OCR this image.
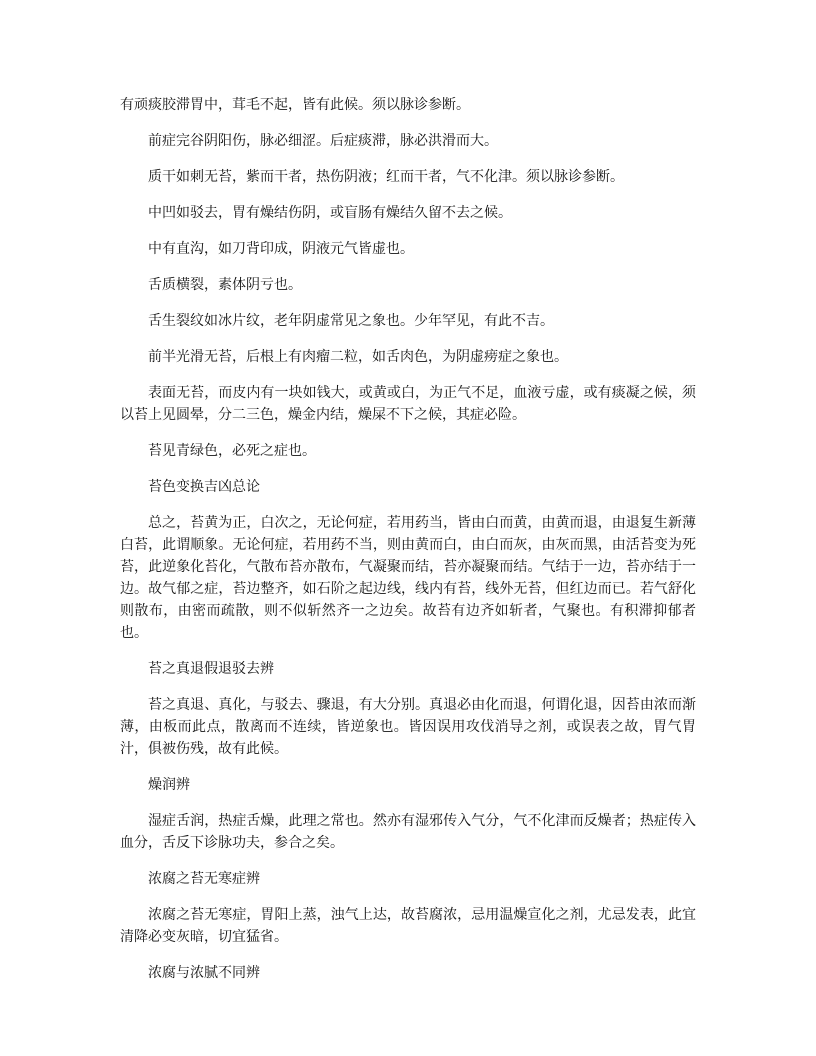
有顽痰胶滞胃中，茸毛不起，皆有此候。须以脉诊参断。

前症完谷阴阳伤，脉必细涩。后症痰滞，脉必洪滑而大。

质干如刺无苔，紫而干者，热伤阴液；红而干者，气不化津。须以脉诊参断。

中凹如驳去，胃有燥结伤阴，或盲肠有燥结久留不去之候。

中有直沟，如刀背印成，阴液元气皆虚也。

舌质横裂，素体阴亏也。

舌生裂纹如冰片纹，老年阴虚常见之象也。少年罕见，有此不吉。

前半光滑无苔，后根上有肉瘤二粒，如舌肉色，为阴虚痨症之象也。

表面无苔，而皮内有一块如钱大，或黄或白，为正气不足，血液亏虚，或有痰凝之候，须以苔上见圆晕，分二三色，燥金内结，燥屎不下之候，其症必险。

苔见青绿色，必死之症也。

苔色变换吉凶总论

总之，苔黄为正，白次之，无论何症，若用药当，皆由白而黄，由黄而退，由退复生新薄白苔，此谓顺象。无论何症，若用药不当，则由黄而白，由白而灰，由灰而黑，由活苔变为死苔，此逆象化苔化，气散布苔亦散布，气凝聚而结，苔亦凝聚而结。气结于一边，苔亦结于一边。故气郁之症，苔边整齐，如石阶之起边线，线内有苔，线外无苔，但红边而已。若气舒化则散布，由密而疏散，则不似斩然齐一之边矣。故苔有边齐如斩者，气聚也。有积滞抑郁者也。

苔之真退假退驳去辨

苔之真退、真化，与驳去、骤退，有大分别。真退必由化而退，何谓化退，因苔由浓而渐薄，由板而此点，散离而不连续，皆逆象也。皆因误用攻伐消导之剂，或误表之故，胃气胃汁，俱被伤残，故有此候。

燥润辨

湿症舌润，热症舌燥，此理之常也。然亦有湿邪传入气分，气不化津而反燥者；热症传入血分，舌反下诊脉功夫，参合之矣。

浓腐之苔无寒症辨

浓腐之苔无寒症，胃阳上蒸，浊气上达，故苔腐浓，忌用温燥宣化之剂，尤忌发表，此宜清降必变灰暗，切宜猛省。

浓腐与浓腻不同辨
